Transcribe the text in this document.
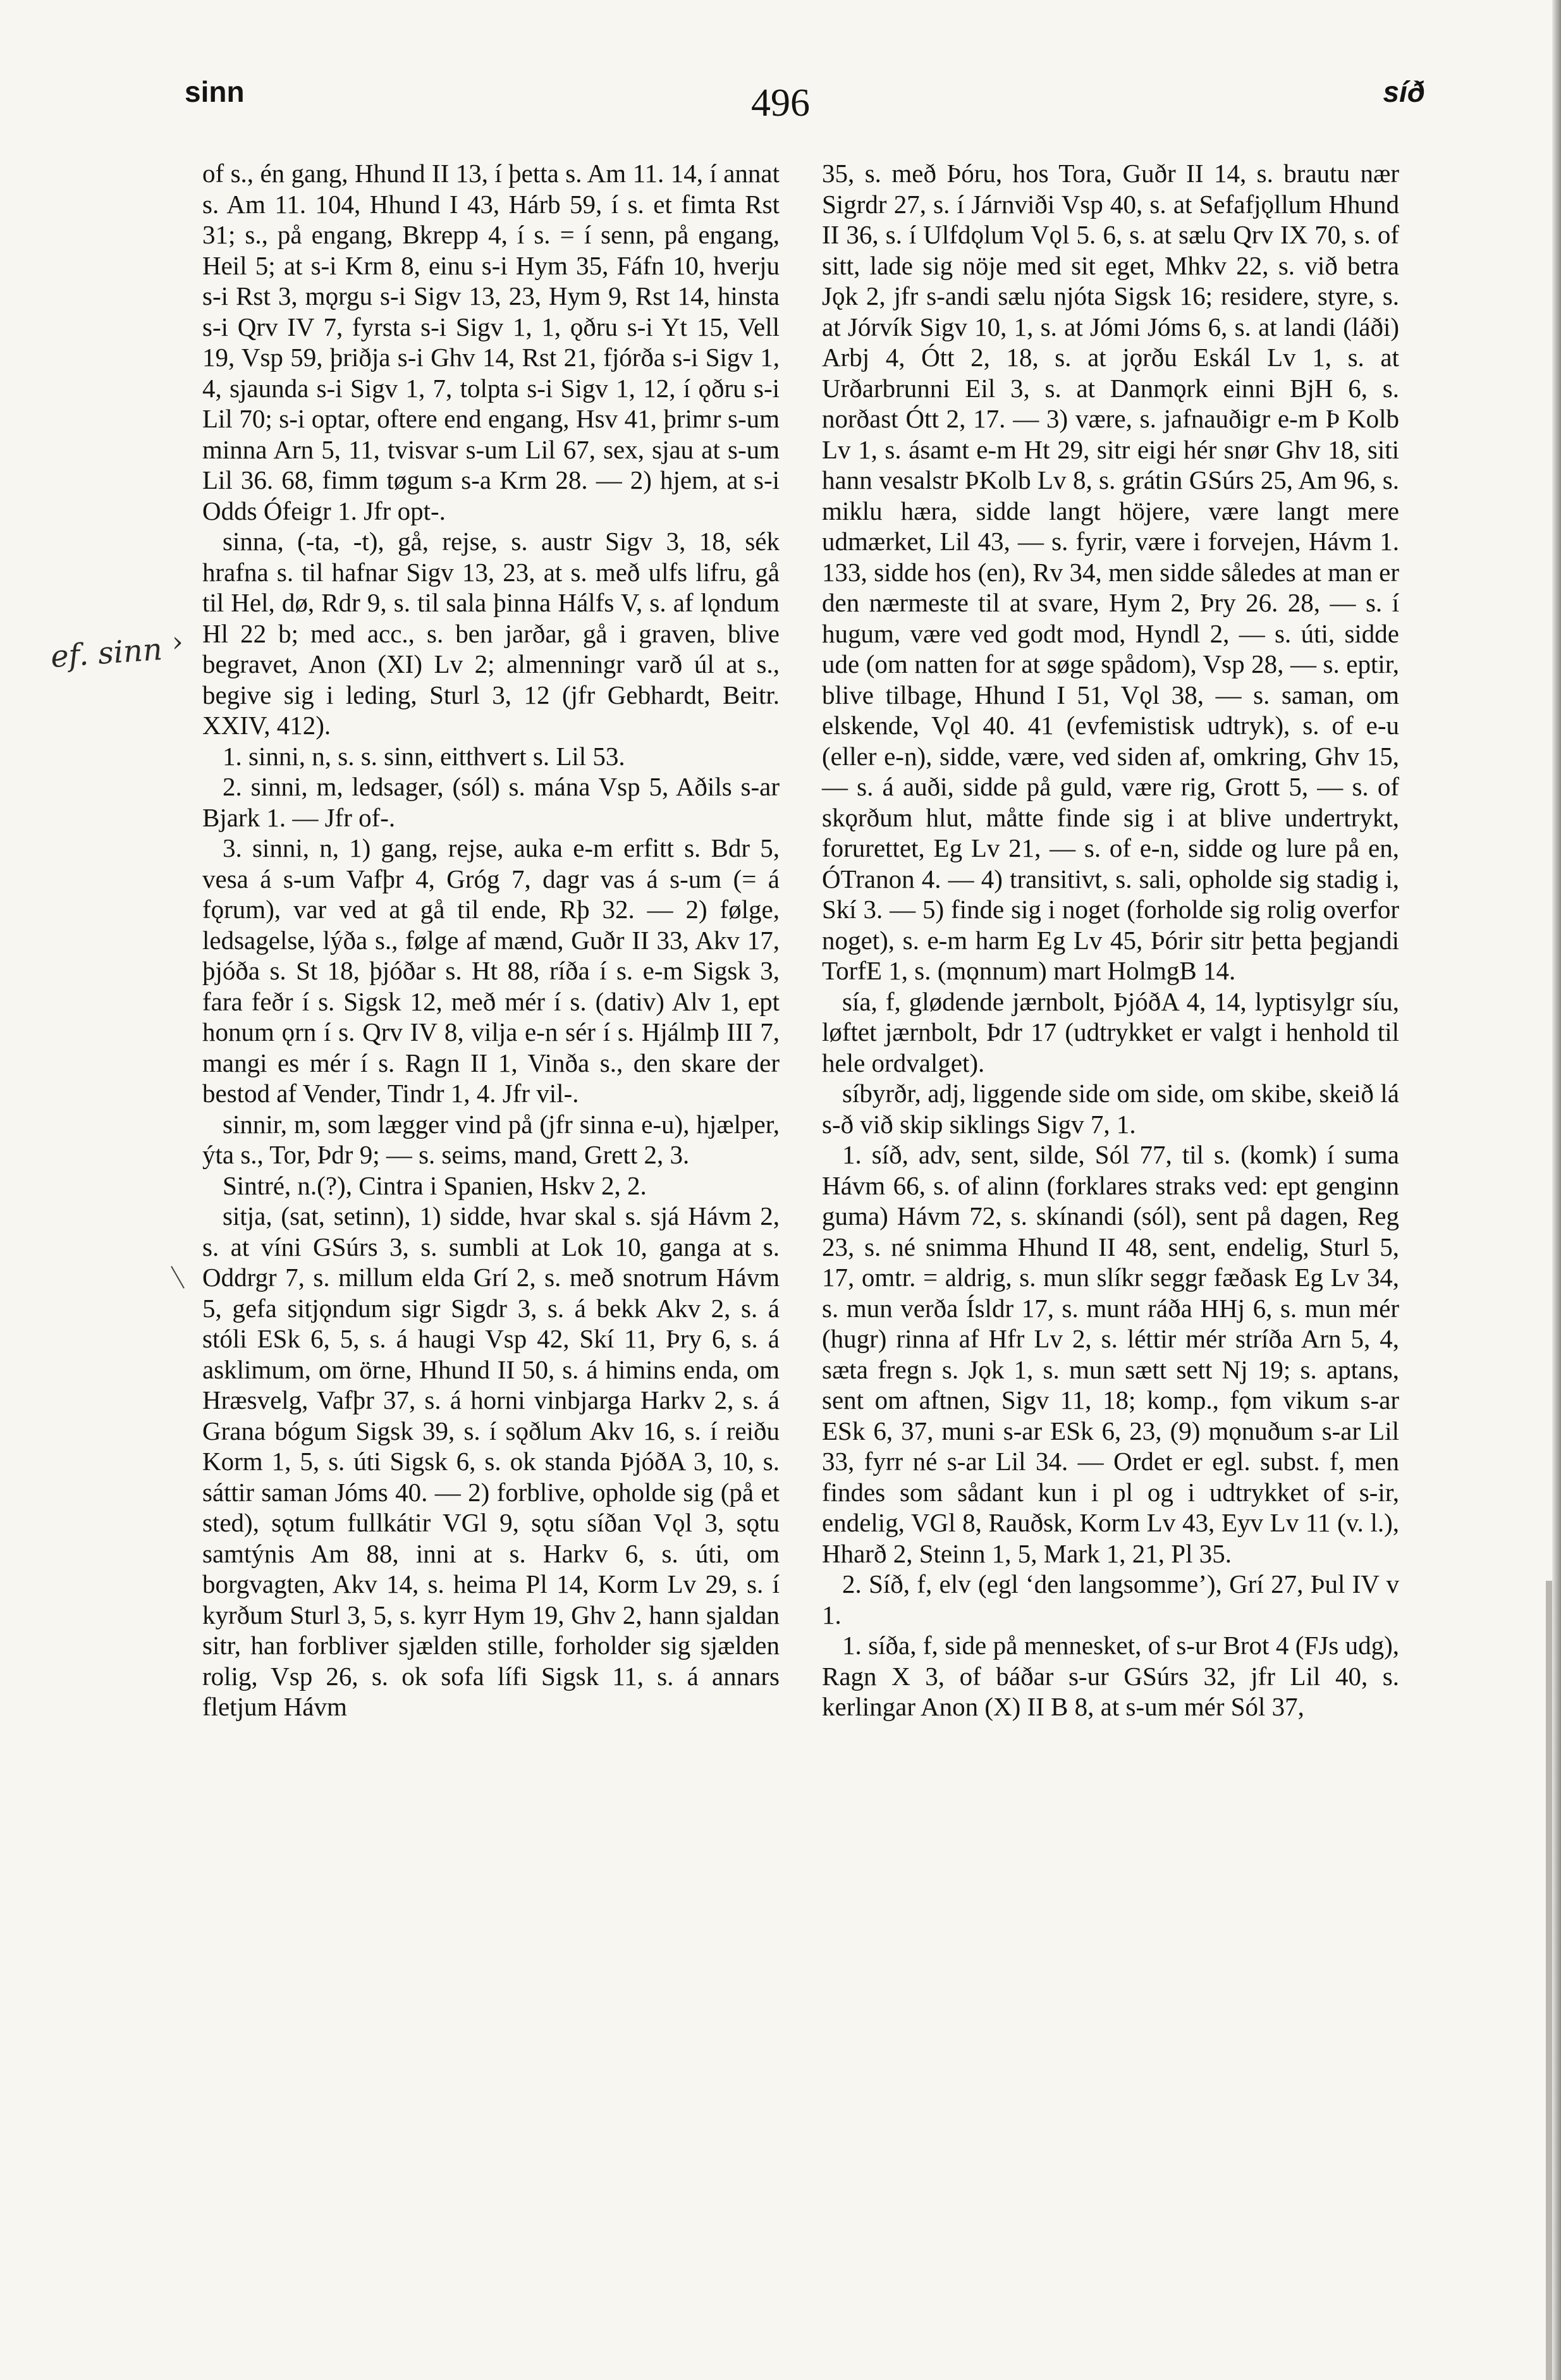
sinn	496	síð
ef. sinn ›

of s., én gang, Hhund II 13, í þetta s. Am 11. 14, í annat s. Am 11. 104, Hhund I 43, Hárb 59, í s. et fimta Rst 31; s., på engang, Bkrepp 4, í s. = í senn, på engang, Heil 5; at s-i Krm 8, einu s-i Hym 35, Fáfn 10, hverju s-i Rst 3, mǫrgu s-i Sigv 13, 23, Hym 9, Rst 14, hinsta s-i Qrv IV 7, fyrsta s-i Sigv 1, 1, ǫðru s-i Yt 15, Vell 19, Vsp 59, þriðja s-i Ghv 14, Rst 21, fjórða s-i Sigv 1, 4, sjaunda s-i Sigv 1, 7, tolpta s-i Sigv 1, 12, í ǫðru s-i Lil 70; s-i optar, oftere end engang, Hsv 41, þrimr s-um minna Arn 5, 11, tvisvar s-um Lil 67, sex, sjau at s-um Lil 36. 68, fimm tøgum s-a Krm 28. — 2) hjem, at s-i Odds Ófeigr 1. Jfr opt-.

sinna, (-ta, -t), gå, rejse, s. austr Sigv 3, 18, sék hrafna s. til hafnar Sigv 13, 23, at s. með ulfs lifru, gå til Hel, dø, Rdr 9, s. til sala þinna Hálfs V, s. af lǫndum Hl 22 b; med acc., s. ben jarðar, gå i graven, blive begravet, Anon (XI) Lv 2; almenningr varð úl at s., begive sig i leding, Sturl 3, 12 (jfr Gebhardt, Beitr. XXIV, 412).

1. sinni, n, s. s. sinn, eitthvert s. Lil 53.

2. sinni, m, ledsager, (sól) s. mána Vsp 5, Aðils s-ar Bjark 1. — Jfr of-.

3. sinni, n, 1) gang, rejse, auka e-m erfitt s. Bdr 5, vesa á s-um Vafþr 4, Gróg 7, dagr vas á s-um (= á fǫrum), var ved at gå til ende, Rþ 32. — 2) følge, ledsagelse, lýða s., følge af mænd, Guðr II 33, Akv 17, þjóða s. St 18, þjóðar s. Ht 88, ríða í s. e-m Sigsk 3, fara feðr í s. Sigsk 12, með mér í s. (dativ) Alv 1, ept honum ǫrn í s. Qrv IV 8, vilja e-n sér í s. Hjálmþ III 7, mangi es mér í s. Ragn II 1, Vinða s., den skare der bestod af Vender, Tindr 1, 4. Jfr vil-.

sinnir, m, som lægger vind på (jfr sinna e-u), hjælper, ýta s., Tor, Þdr 9; — s. seims, mand, Grett 2, 3.

Sintré, n.(?), Cintra i Spanien, Hskv 2, 2.

sitja, (sat, setinn), 1) sidde, hvar skal s. sjá Hávm 2, s. at víni GSúrs 3, s. sumbli at Lok 10, ganga at s. Oddrgr 7, s. millum elda Grí 2, s. með snotrum Hávm 5, gefa sitjǫndum sigr Sigdr 3, s. á bekk Akv 2, s. á stóli ESk 6, 5, s. á haugi Vsp 42, Skí 11, Þry 6, s. á asklimum, om örne, Hhund II 50, s. á himins enda, om Hræsvelg, Vafþr 37, s. á horni vinbjarga Harkv 2, s. á Grana bógum Sigsk 39, s. í sǫðlum Akv 16, s. í reiðu Korm 1, 5, s. úti Sigsk 6, s. ok standa ÞjóðA 3, 10, s. sáttir saman Jóms 40. — 2) forblive, opholde sig (på et sted), sǫtum fullkátir VGl 9, sǫtu síðan Vǫl 3, sǫtu samtýnis Am 88, inni at s. Harkv 6, s. úti, om borgvagten, Akv 14, s. heima Pl 14, Korm Lv 29, s. í kyrðum Sturl 3, 5, s. kyrr Hym 19, Ghv 2, hann sjaldan sitr, han forbliver sjælden stille, forholder sig sjælden rolig, Vsp 26, s. ok sofa lífi Sigsk 11, s. á annars fletjum Hávm

35, s. með Þóru, hos Tora, Guðr II 14, s. brautu nær Sigrdr 27, s. í Járnviði Vsp 40, s. at Sefafjǫllum Hhund II 36, s. í Ulfdǫlum Vǫl 5. 6, s. at sælu Qrv IX 70, s. of sitt, lade sig nöje med sit eget, Mhkv 22, s. við betra Jǫk 2, jfr s-andi sælu njóta Sigsk 16; residere, styre, s. at Jórvík Sigv 10, 1, s. at Jómi Jóms 6, s. at landi (láði) Arbj 4, Ótt 2, 18, s. at jǫrðu Eskál Lv 1, s. at Urðarbrunni Eil 3, s. at Danmǫrk einni BjH 6, s. norðast Ótt 2, 17. — 3) være, s. jafnauðigr e-m Þ Kolb Lv 1, s. ásamt e-m Ht 29, sitr eigi hér snør Ghv 18, siti hann vesalstr ÞKolb Lv 8, s. grátin GSúrs 25, Am 96, s. miklu hæra, sidde langt höjere, være langt mere udmærket, Lil 43, — s. fyrir, være i forvejen, Hávm 1. 133, sidde hos (en), Rv 34, men sidde således at man er den nærmeste til at svare, Hym 2, Þry 26. 28, — s. í hugum, være ved godt mod, Hyndl 2, — s. úti, sidde ude (om natten for at søge spådom), Vsp 28, — s. eptir, blive tilbage, Hhund I 51, Vǫl 38, — s. saman, om elskende, Vǫl 40. 41 (evfemistisk udtryk), s. of e-u (eller e-n), sidde, være, ved siden af, omkring, Ghv 15, — s. á auði, sidde på guld, være rig, Grott 5, — s. of skǫrðum hlut, måtte finde sig i at blive undertrykt, forurettet, Eg Lv 21, — s. of e-n, sidde og lure på en, ÓTranon 4. — 4) transitivt, s. sali, opholde sig stadig i, Skí 3. — 5) finde sig i noget (forholde sig rolig overfor noget), s. e-m harm Eg Lv 45, Þórir sitr þetta þegjandi TorfE 1, s. (mǫnnum) mart HolmgB 14.

sía, f, glødende jærnbolt, ÞjóðA 4, 14, lyptisylgr síu, løftet jærnbolt, Þdr 17 (udtrykket er valgt i henhold til hele ordvalget).

síbyrðr, adj, liggende side om side, om skibe, skeið lá s-ð við skip siklings Sigv 7, 1.

1. síð, adv, sent, silde, Sól 77, til s. (komk) í suma Hávm 66, s. of alinn (forklares straks ved: ept genginn guma) Hávm 72, s. skínandi (sól), sent på dagen, Reg 23, s. né snimma Hhund II 48, sent, endelig, Sturl 5, 17, omtr. = aldrig, s. mun slíkr seggr fæðask Eg Lv 34, s. mun verða Ísldr 17, s. munt ráða HHj 6, s. mun mér (hugr) rinna af Hfr Lv 2, s. léttir mér stríða Arn 5, 4, sæta fregn s. Jǫk 1, s. mun sætt sett Nj 19; s. aptans, sent om aftnen, Sigv 11, 18; komp., fǫm vikum s-ar ESk 6, 37, muni s-ar ESk 6, 23, (9) mǫnuðum s-ar Lil 33, fyrr né s-ar Lil 34. — Ordet er egl. subst. f, men findes som sådant kun i pl og i udtrykket of s-ir, endelig, VGl 8, Rauðsk, Korm Lv 43, Eyv Lv 11 (v. l.), Hharð 2, Steinn 1, 5, Mark 1, 21, Pl 35.

2. Síð, f, elv (egl ‘den langsomme’), Grí 27, Þul IV v 1.

1. síða, f, side på mennesket, of s-ur Brot 4 (FJs udg), Ragn X 3, of báðar s-ur GSúrs 32, jfr Lil 40, s. kerlingar Anon (X) II B 8, at s-um mér Sól 37,
